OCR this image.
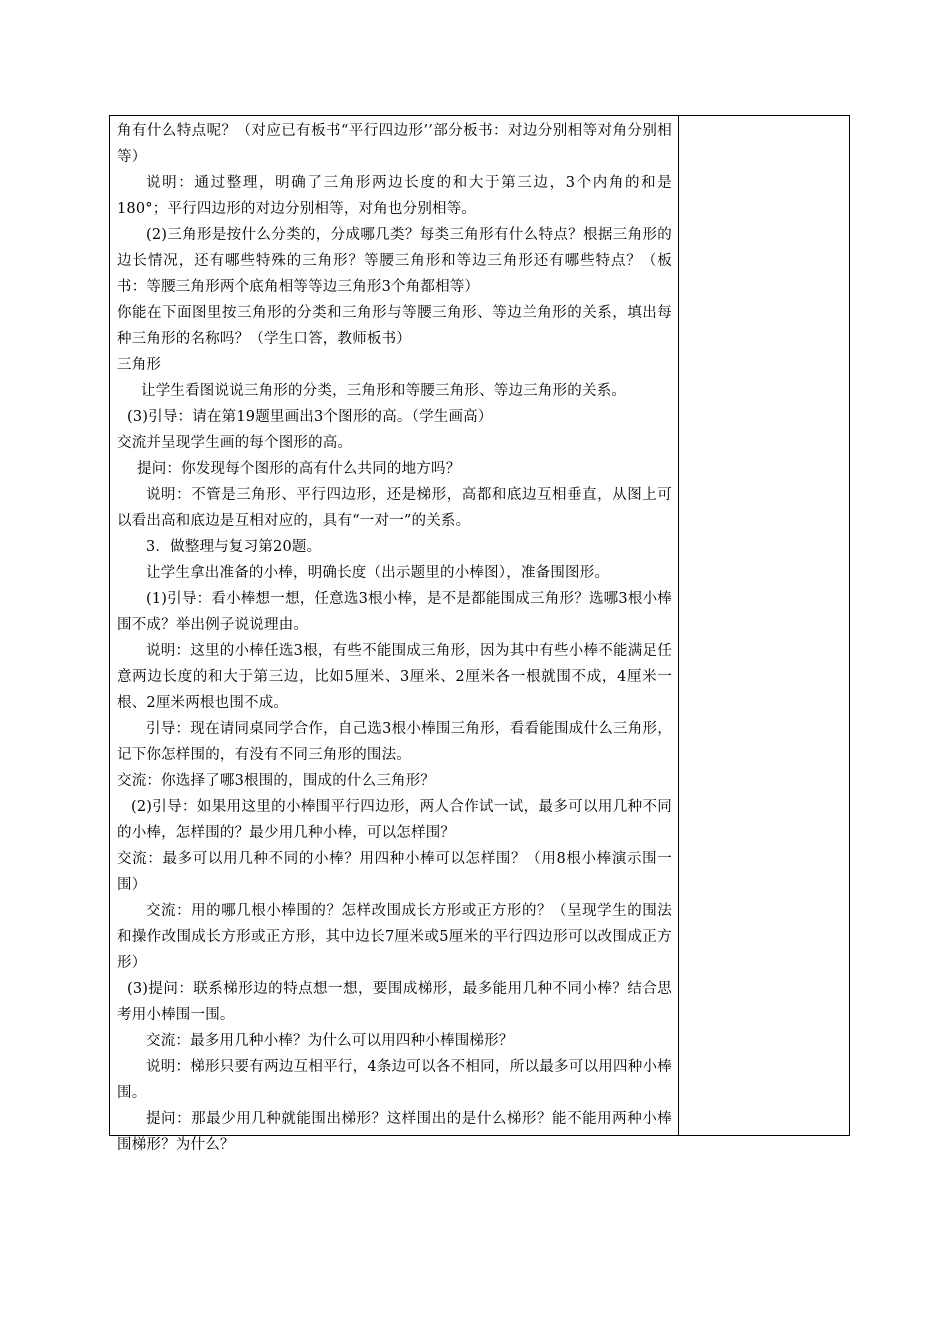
角有什么特点呢？（对应已有板书“平行四边形’’部分板书：对边分别相等对角分别相等）

说明：通过整理，明确了三角形两边长度的和大于第三边，3个内角的和是180°；平行四边形的对边分别相等，对角也分别相等。

(2)三角形是按什么分类的，分成哪几类？每类三角形有什么特点？根据三角形的边长情况，还有哪些特殊的三角形？等腰三角形和等边三角形还有哪些特点？（板书：等腰三角形两个底角相等等边三角形3个角都相等）

你能在下面图里按三角形的分类和三角形与等腰三角形、等边兰角形的关系，填出每种三角形的名称吗？（学生口答，教师板书）

三角形

让学生看图说说三角形的分类，三角形和等腰三角形、等边三角形的关系。

(3)引导：请在第19题里画出3个图形的高。（学生画高）

交流并呈现学生画的每个图形的高。

提问：你发现每个图形的高有什么共同的地方吗？

说明：不管是三角形、平行四边形，还是梯形，高都和底边互相垂直，从图上可以看出高和底边是互相对应的，具有“一对一”的关系。

3．做整理与复习第20题。

让学生拿出准备的小棒，明确长度（出示题里的小棒图），准备围图形。

(1)引导：看小棒想一想，任意选3根小棒，是不是都能围成三角形？选哪3根小棒围不成？举出例子说说理由。

说明：这里的小棒任选3根，有些不能围成三角形，因为其中有些小棒不能满足任意两边长度的和大于第三边，比如5厘米、3厘米、2厘米各一根就围不成，4厘米一根、2厘米两根也围不成。

引导：现在请同桌同学合作，自己选3根小棒围三角形，看看能围成什么三角形，记下你怎样围的，有没有不同三角形的围法。

交流：你选择了哪3根围的，围成的什么三角形？

(2)引导：如果用这里的小棒围平行四边形，两人合作试一试，最多可以用几种不同的小棒，怎样围的？最少用几种小棒，可以怎样围？

交流：最多可以用几种不同的小棒？用四种小棒可以怎样围？（用8根小棒演示围一围）

交流：用的哪几根小棒围的？怎样改围成长方形或正方形的？（呈现学生的围法和操作改围成长方形或正方形，其中边长7厘米或5厘米的平行四边形可以改围成正方形）

(3)提问：联系梯形边的特点想一想，要围成梯形，最多能用几种不同小棒？结合思考用小棒围一围。

交流：最多用几种小棒？为什么可以用四种小棒围梯形？

说明：梯形只要有两边互相平行，4条边可以各不相同，所以最多可以用四种小棒围。

提问：那最少用几种就能围出梯形？这样围出的是什么梯形？能不能用两种小棒围梯形？为什么？
